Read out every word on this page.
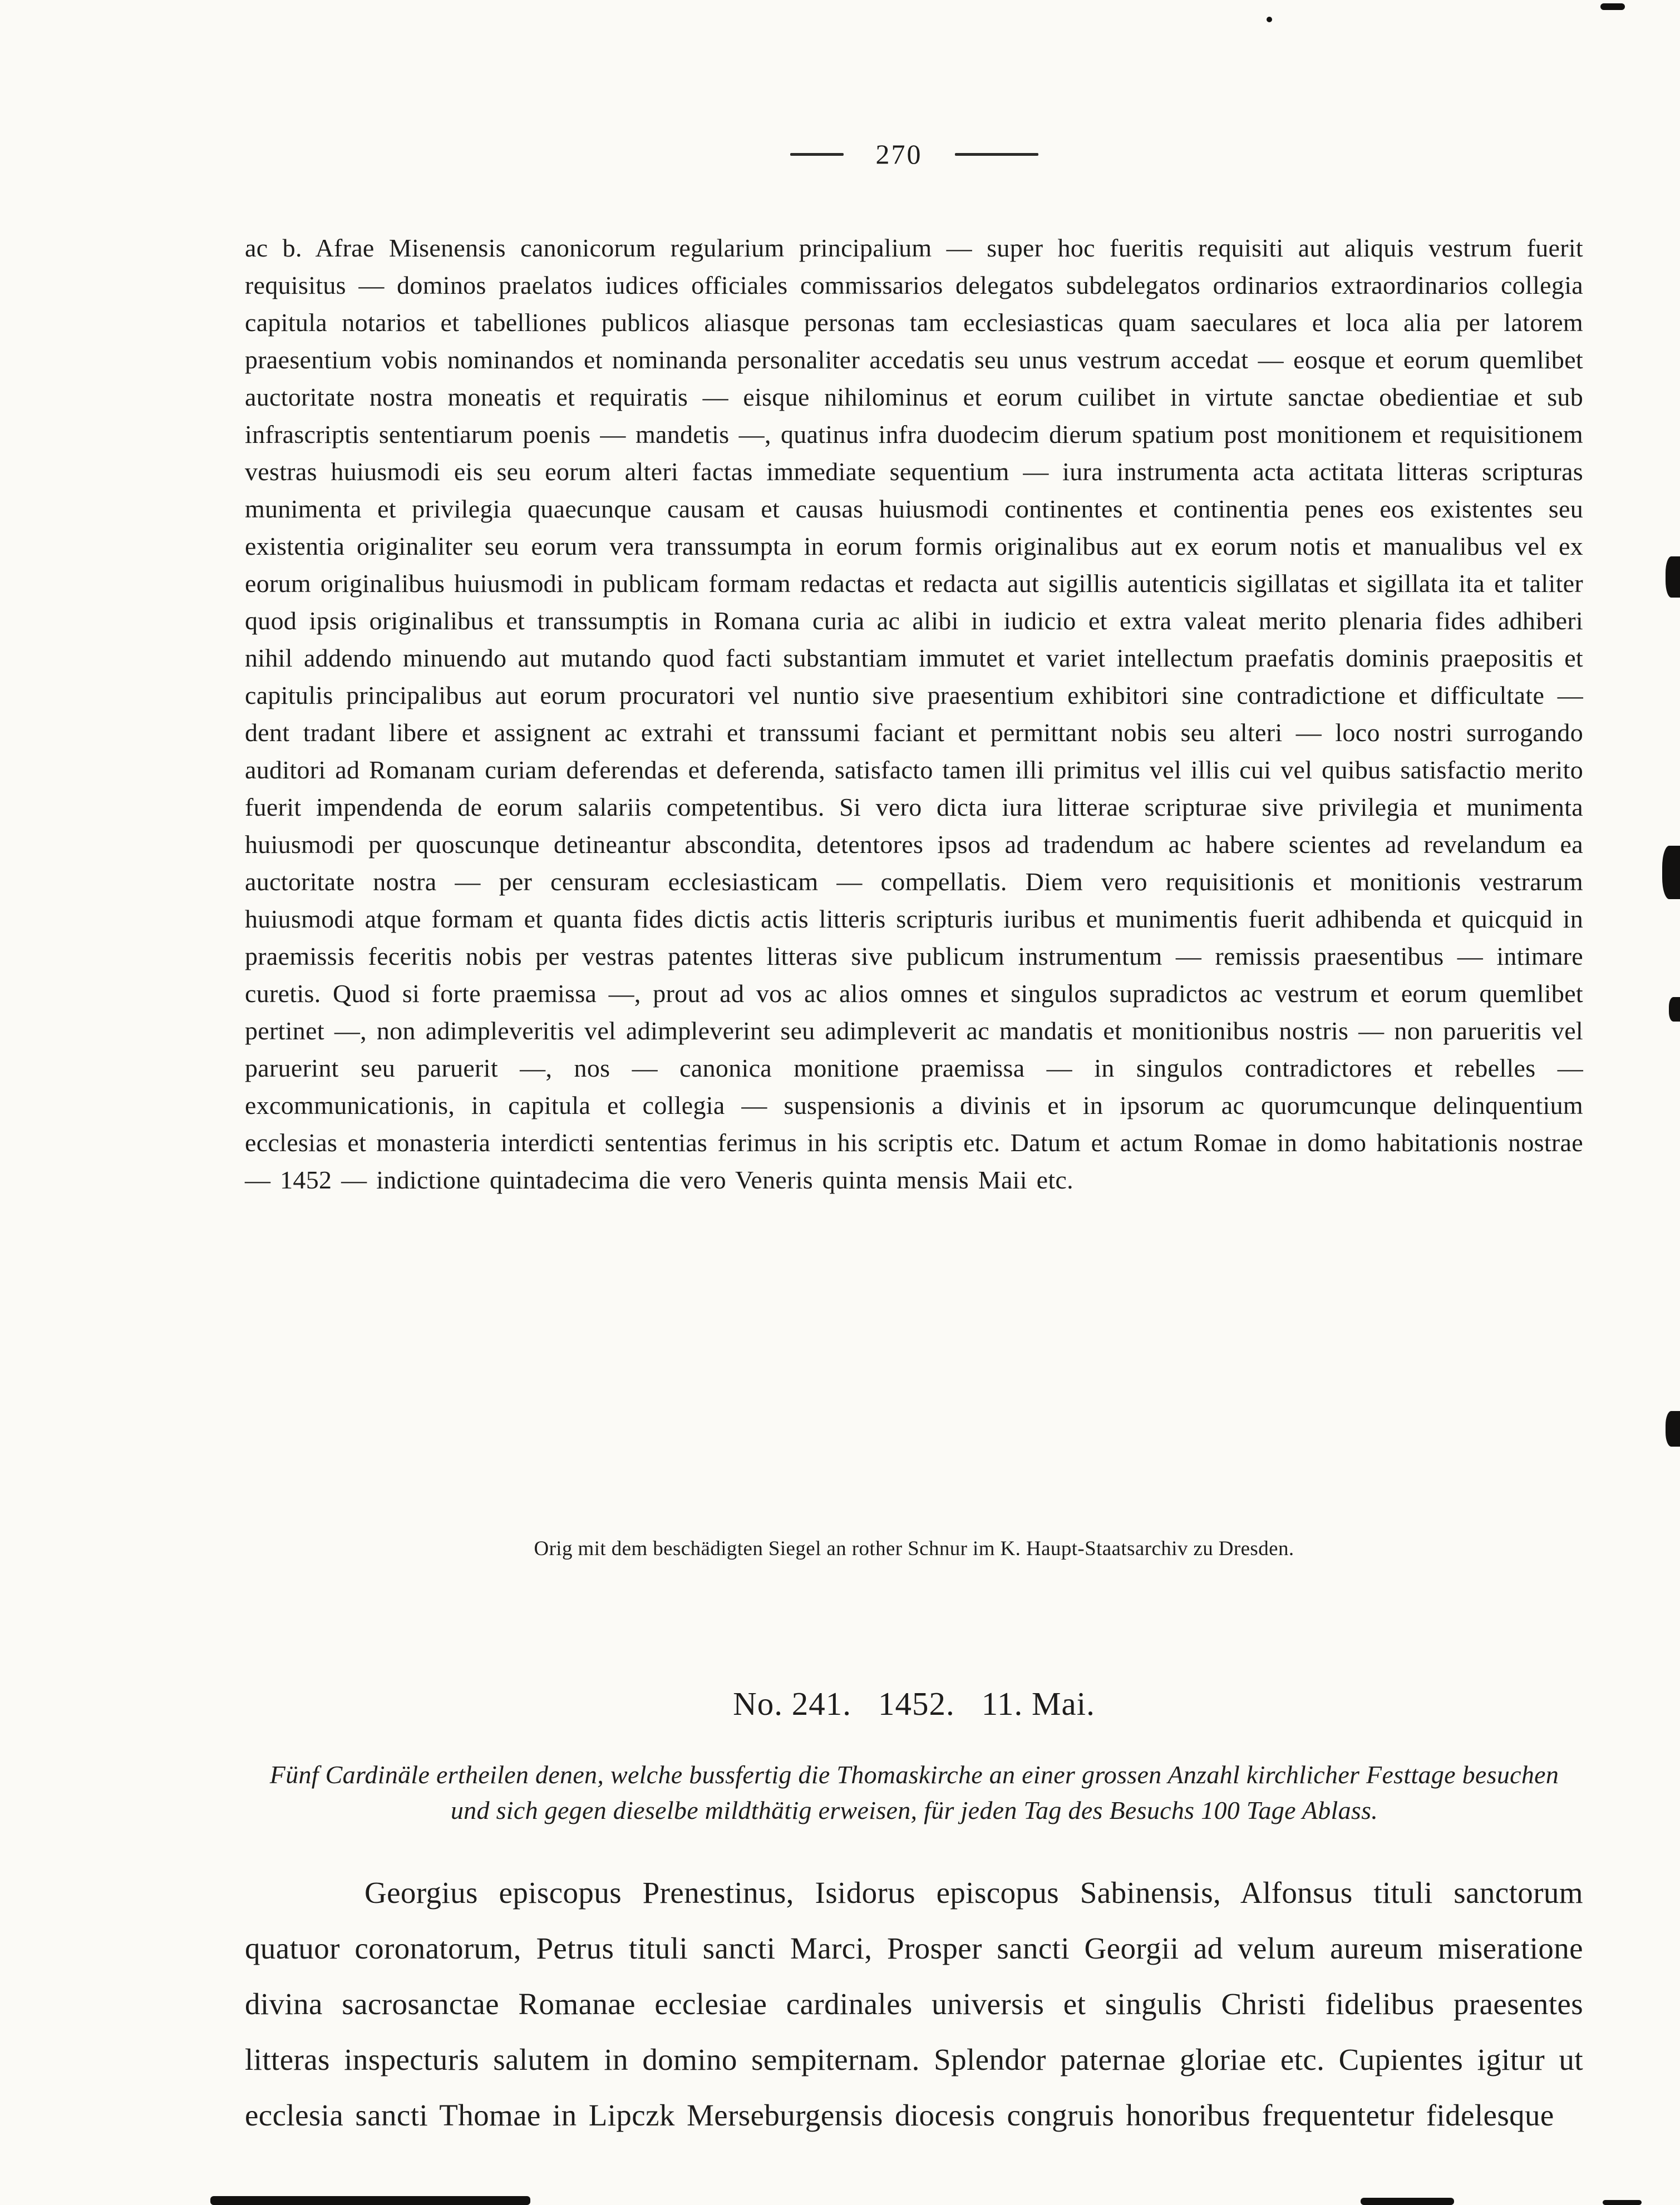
270

ac b. Afrae Misenensis canonicorum regularium principalium — super hoc fueritis requisiti aut aliquis vestrum fuerit requisitus — dominos praelatos iudices officiales commissarios delegatos subdelegatos ordinarios extraordinarios collegia capitula notarios et tabelliones publicos aliasque personas tam ecclesiasticas quam saeculares et loca alia per latorem praesentium vobis nominandos et nominanda personaliter accedatis seu unus vestrum accedat — eosque et eorum quemlibet auctoritate nostra moneatis et requiratis — eisque nihilominus et eorum cuilibet in virtute sanctae obedientiae et sub infrascriptis sententiarum poenis — mandetis —, quatinus infra duodecim dierum spatium post monitionem et requisitionem vestras huiusmodi eis seu eorum alteri factas immediate sequentium — iura instrumenta acta actitata litteras scripturas munimenta et privilegia quaecunque causam et causas huiusmodi continentes et continentia penes eos existentes seu existentia originaliter seu eorum vera transsumpta in eorum formis originalibus aut ex eorum notis et manualibus vel ex eorum originalibus huiusmodi in publicam formam redactas et redacta aut sigillis autenticis sigillatas et sigillata ita et taliter quod ipsis originalibus et transsumptis in Romana curia ac alibi in iudicio et extra valeat merito plenaria fides adhiberi nihil addendo minuendo aut mutando quod facti substantiam immutet et variet intellectum praefatis dominis praepositis et capitulis principalibus aut eorum procuratori vel nuntio sive praesentium exhibitori sine contradictione et difficultate — dent tradant libere et assignent ac extrahi et transsumi faciant et permittant nobis seu alteri — loco nostri surrogando auditori ad Romanam curiam deferendas et deferenda, satisfacto tamen illi primitus vel illis cui vel quibus satisfactio merito fuerit impendenda de eorum salariis competentibus. Si vero dicta iura litterae scripturae sive privilegia et munimenta huiusmodi per quoscunque detineantur abscondita, detentores ipsos ad tradendum ac habere scientes ad revelandum ea auctoritate nostra — per censuram ecclesiasticam — compellatis. Diem vero requisitionis et monitionis vestrarum huiusmodi atque formam et quanta fides dictis actis litteris scripturis iuribus et munimentis fuerit adhibenda et quicquid in praemissis feceritis nobis per vestras patentes litteras sive publicum instrumentum — remissis praesentibus — intimare curetis. Quod si forte praemissa —, prout ad vos ac alios omnes et singulos supradictos ac vestrum et eorum quemlibet pertinet —, non adimpleveritis vel adimpleverint seu adimpleverit ac mandatis et monitionibus nostris — non parueritis vel paruerint seu paruerit —, nos — canonica monitione praemissa — in singulos contradictores et rebelles — excommunicationis, in capitula et collegia — suspensionis a divinis et in ipsorum ac quorumcunque delinquentium ecclesias et monasteria interdicti sententias ferimus in his scriptis etc. Datum et actum Romae in domo habitationis nostrae — 1452 — indictione quintadecima die vero Veneris quinta mensis Maii etc.

Orig mit dem beschädigten Siegel an rother Schnur im K. Haupt-Staatsarchiv zu Dresden.

No. 241. 1452. 11. Mai.

Fünf Cardinäle ertheilen denen, welche bussfertig die Thomaskirche an einer grossen Anzahl kirchlicher Festtage besuchen und sich gegen dieselbe mildthätig erweisen, für jeden Tag des Besuchs 100 Tage Ablass.

Georgius episcopus Prenestinus, Isidorus episcopus Sabinensis, Alfonsus tituli sanctorum quatuor coronatorum, Petrus tituli sancti Marci, Prosper sancti Georgii ad velum aureum miseratione divina sacrosanctae Romanae ecclesiae cardinales universis et singulis Christi fidelibus praesentes litteras inspecturis salutem in domino sempiternam. Splendor paternae gloriae etc. Cupientes igitur ut ecclesia sancti Thomae in Lipczk Merseburgensis diocesis congruis honoribus frequentetur fidelesque
